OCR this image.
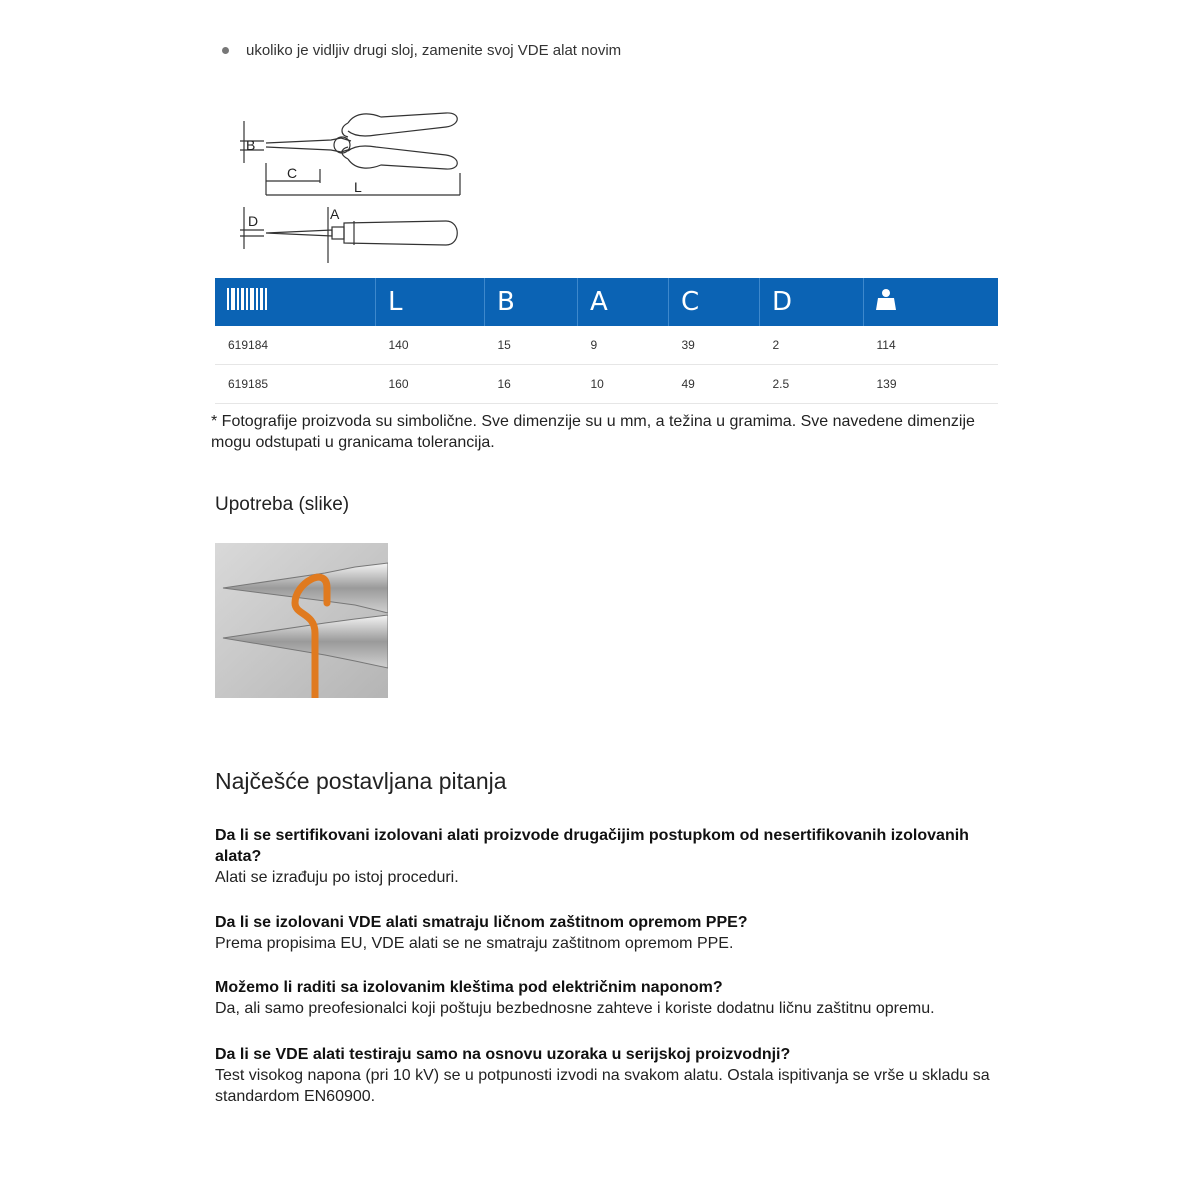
ukoliko je vidljiv drugi sloj, zamenite svoj VDE alat novim
B
C
L
D	A
	L	B	A	C	D	
619184	140	15	9	39	2	114
619185	160	16	10	49	2.5	139
* Fotografije proizvoda su simbolične. Sve dimenzije su u mm, a težina u gramima. Sve navedene dimenzije mogu odstupati u granicama tolerancija.
Upotreba (slike)
Najčešće postavljana pitanja
Da li se sertifikovani izolovani alati proizvode drugačijim postupkom od nesertifikovanih izolovanih alata?
Alati se izrađuju po istoj proceduri.
Da li se izolovani VDE alati smatraju ličnom zaštitnom opremom PPE?
Prema propisima EU, VDE alati se ne smatraju zaštitnom opremom PPE.
Možemo li raditi sa izolovanim kleštima pod električnim naponom?
Da, ali samo preofesionalci koji poštuju bezbednosne zahteve i koriste dodatnu ličnu zaštitnu opremu.
Da li se VDE alati testiraju samo na osnovu uzoraka u serijskoj proizvodnji?
Test visokog napona (pri 10 kV) se u potpunosti izvodi na svakom alatu. Ostala ispitivanja se vrše u skladu sa standardom EN60900.
